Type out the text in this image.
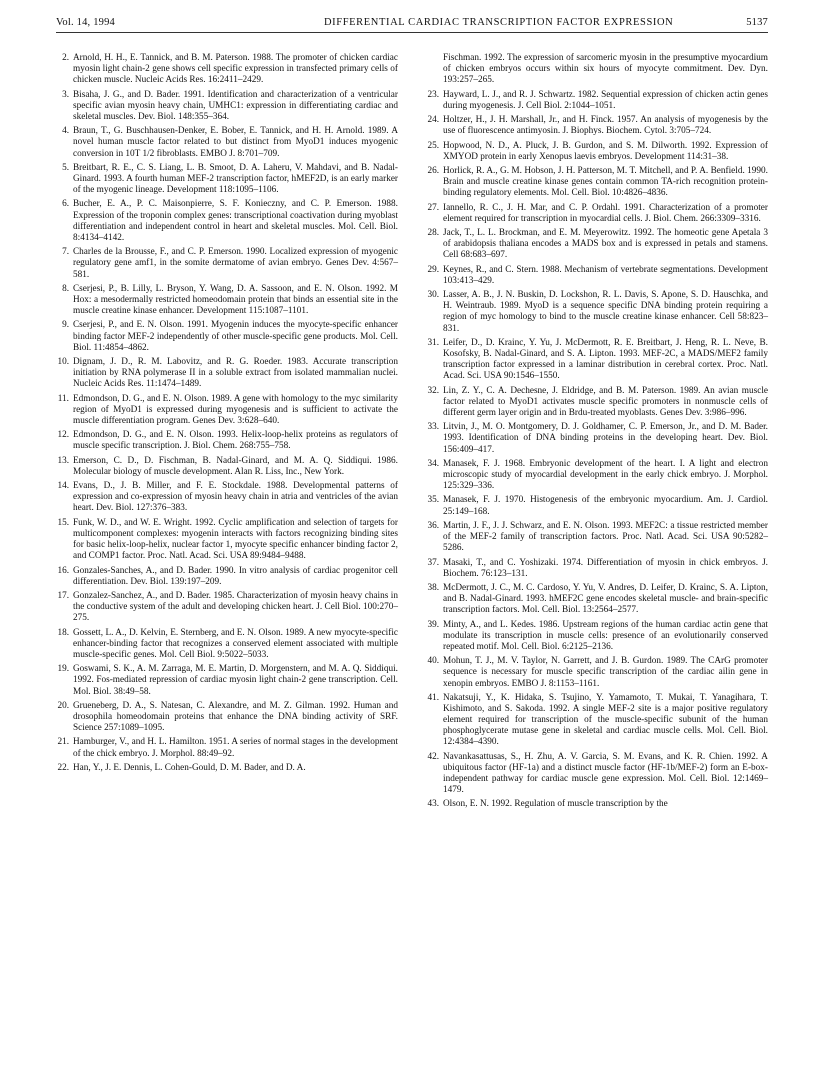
Vol. 14, 1994	DIFFERENTIAL CARDIAC TRANSCRIPTION FACTOR EXPRESSION	5137
2. Arnold, H. H., E. Tannick, and B. M. Paterson. 1988. The promoter of chicken cardiac myosin light chain-2 gene shows cell specific expression in transfected primary cells of chicken muscle. Nucleic Acids Res. 16:2411–2429.
3. Bisaha, J. G., and D. Bader. 1991. Identification and characterization of a ventricular specific avian myosin heavy chain, UMHC1: expression in differentiating cardiac and skeletal muscles. Dev. Biol. 148:355–364.
4. Braun, T., G. Buschhausen-Denker, E. Bober, E. Tannick, and H. H. Arnold. 1989. A novel human muscle factor related to but distinct from MyoD1 induces myogenic conversion in 10T 1/2 fibroblasts. EMBO J. 8:701–709.
5. Breitbart, R. E., C. S. Liang, L. B. Smoot, D. A. Laheru, V. Mahdavi, and B. Nadal-Ginard. 1993. A fourth human MEF-2 transcription factor, hMEF2D, is an early marker of the myogenic lineage. Development 118:1095–1106.
6. Bucher, E. A., P. C. Maisonpierre, S. F. Konieczny, and C. P. Emerson. 1988. Expression of the troponin complex genes: transcriptional coactivation during myoblast differentiation and independent control in heart and skeletal muscles. Mol. Cell. Biol. 8:4134–4142.
7. Charles de la Brousse, F., and C. P. Emerson. 1990. Localized expression of myogenic regulatory gene amf1, in the somite dermatome of avian embryo. Genes Dev. 4:567–581.
8. Cserjesi, P., B. Lilly, L. Bryson, Y. Wang, D. A. Sassoon, and E. N. Olson. 1992. M Hox: a mesodermally restricted homeodomain protein that binds an essential site in the muscle creatine kinase enhancer. Development 115:1087–1101.
9. Cserjesi, P., and E. N. Olson. 1991. Myogenin induces the myocyte-specific enhancer binding factor MEF-2 independently of other muscle-specific gene products. Mol. Cell. Biol. 11:4854–4862.
10. Dignam, J. D., R. M. Labovitz, and R. G. Roeder. 1983. Accurate transcription initiation by RNA polymerase II in a soluble extract from isolated mammalian nuclei. Nucleic Acids Res. 11:1474–1489.
11. Edmondson, D. G., and E. N. Olson. 1989. A gene with homology to the myc similarity region of MyoD1 is expressed during myogenesis and is sufficient to activate the muscle differentiation program. Genes Dev. 3:628–640.
12. Edmondson, D. G., and E. N. Olson. 1993. Helix-loop-helix proteins as regulators of muscle specific transcription. J. Biol. Chem. 268:755–758.
13. Emerson, C. D., D. Fischman, B. Nadal-Ginard, and M. A. Q. Siddiqui. 1986. Molecular biology of muscle development. Alan R. Liss, Inc., New York.
14. Evans, D., J. B. Miller, and F. E. Stockdale. 1988. Developmental patterns of expression and co-expression of myosin heavy chain in atria and ventricles of the avian heart. Dev. Biol. 127:376–383.
15. Funk, W. D., and W. E. Wright. 1992. Cyclic amplification and selection of targets for multicomponent complexes: myogenin interacts with factors recognizing binding sites for basic helix-loop-helix, nuclear factor 1, myocyte specific enhancer binding factor 2, and COMP1 factor. Proc. Natl. Acad. Sci. USA 89:9484–9488.
16. Gonzales-Sanches, A., and D. Bader. 1990. In vitro analysis of cardiac progenitor cell differentiation. Dev. Biol. 139:197–209.
17. Gonzalez-Sanchez, A., and D. Bader. 1985. Characterization of myosin heavy chains in the conductive system of the adult and developing chicken heart. J. Cell Biol. 100:270–275.
18. Gossett, L. A., D. Kelvin, E. Sternberg, and E. N. Olson. 1989. A new myocyte-specific enhancer-binding factor that recognizes a conserved element associated with multiple muscle-specific genes. Mol. Cell Biol. 9:5022–5033.
19. Goswami, S. K., A. M. Zarraga, M. E. Martin, D. Morgenstern, and M. A. Q. Siddiqui. 1992. Fos-mediated repression of cardiac myosin light chain-2 gene transcription. Cell. Mol. Biol. 38:49–58.
20. Grueneberg, D. A., S. Natesan, C. Alexandre, and M. Z. Gilman. 1992. Human and drosophila homeodomain proteins that enhance the DNA binding activity of SRF. Science 257:1089–1095.
21. Hamburger, V., and H. L. Hamilton. 1951. A series of normal stages in the development of the chick embryo. J. Morphol. 88:49–92.
22. Han, Y., J. E. Dennis, L. Cohen-Gould, D. M. Bader, and D. A.
Fischman. 1992. The expression of sarcomeric myosin in the presumptive myocardium of chicken embryos occurs within six hours of myocyte commitment. Dev. Dyn. 193:257–265.
23. Hayward, L. J., and R. J. Schwartz. 1982. Sequential expression of chicken actin genes during myogenesis. J. Cell Biol. 2:1044–1051.
24. Holtzer, H., J. H. Marshall, Jr., and H. Finck. 1957. An analysis of myogenesis by the use of fluorescence antimyosin. J. Biophys. Biochem. Cytol. 3:705–724.
25. Hopwood, N. D., A. Pluck, J. B. Gurdon, and S. M. Dilworth. 1992. Expression of XMYOD protein in early Xenopus laevis embryos. Development 114:31–38.
26. Horlick, R. A., G. M. Hobson, J. H. Patterson, M. T. Mitchell, and P. A. Benfield. 1990. Brain and muscle creatine kinase genes contain common TA-rich recognition protein-binding regulatory elements. Mol. Cell. Biol. 10:4826–4836.
27. Iannello, R. C., J. H. Mar, and C. P. Ordahl. 1991. Characterization of a promoter element required for transcription in myocardial cells. J. Biol. Chem. 266:3309–3316.
28. Jack, T., L. L. Brockman, and E. M. Meyerowitz. 1992. The homeotic gene Apetala 3 of arabidopsis thaliana encodes a MADS box and is expressed in petals and stamens. Cell 68:683–697.
29. Keynes, R., and C. Stern. 1988. Mechanism of vertebrate segmentations. Development 103:413–429.
30. Lasser, A. B., J. N. Buskin, D. Lockshon, R. L. Davis, S. Apone, S. D. Hauschka, and H. Weintraub. 1989. MyoD is a sequence specific DNA binding protein requiring a region of myc homology to bind to the muscle creatine kinase enhancer. Cell 58:823–831.
31. Leifer, D., D. Krainc, Y. Yu, J. McDermott, R. E. Breitbart, J. Heng, R. L. Neve, B. Kosofsky, B. Nadal-Ginard, and S. A. Lipton. 1993. MEF-2C, a MADS/MEF2 family transcription factor expressed in a laminar distribution in cerebral cortex. Proc. Natl. Acad. Sci. USA 90:1546–1550.
32. Lin, Z. Y., C. A. Dechesne, J. Eldridge, and B. M. Paterson. 1989. An avian muscle factor related to MyoD1 activates muscle specific promoters in nonmuscle cells of different germ layer origin and in Brdu-treated myoblasts. Genes Dev. 3:986–996.
33. Litvin, J., M. O. Montgomery, D. J. Goldhamer, C. P. Emerson, Jr., and D. M. Bader. 1993. Identification of DNA binding proteins in the developing heart. Dev. Biol. 156:409–417.
34. Manasek, F. J. 1968. Embryonic development of the heart. I. A light and electron microscopic study of myocardial development in the early chick embryo. J. Morphol. 125:329–336.
35. Manasek, F. J. 1970. Histogenesis of the embryonic myocardium. Am. J. Cardiol. 25:149–168.
36. Martin, J. F., J. J. Schwarz, and E. N. Olson. 1993. MEF2C: a tissue restricted member of the MEF-2 family of transcription factors. Proc. Natl. Acad. Sci. USA 90:5282–5286.
37. Masaki, T., and C. Yoshizaki. 1974. Differentiation of myosin in chick embryos. J. Biochem. 76:123–131.
38. McDermott, J. C., M. C. Cardoso, Y. Yu, V. Andres, D. Leifer, D. Krainc, S. A. Lipton, and B. Nadal-Ginard. 1993. hMEF2C gene encodes skeletal muscle- and brain-specific transcription factors. Mol. Cell. Biol. 13:2564–2577.
39. Minty, A., and L. Kedes. 1986. Upstream regions of the human cardiac actin gene that modulate its transcription in muscle cells: presence of an evolutionarily conserved repeated motif. Mol. Cell. Biol. 6:2125–2136.
40. Mohun, T. J., M. V. Taylor, N. Garrett, and J. B. Gurdon. 1989. The CArG promoter sequence is necessary for muscle specific transcription of the cardiac ailin gene in xenopin embryos. EMBO J. 8:1153–1161.
41. Nakatsuji, Y., K. Hidaka, S. Tsujino, Y. Yamamoto, T. Mukai, T. Yanagihara, T. Kishimoto, and S. Sakoda. 1992. A single MEF-2 site is a major positive regulatory element required for transcription of the muscle-specific subunit of the human phosphoglycerate mutase gene in skeletal and cardiac muscle cells. Mol. Cell. Biol. 12:4384–4390.
42. Navankasattusas, S., H. Zhu, A. V. Garcia, S. M. Evans, and K. R. Chien. 1992. A ubiquitous factor (HF-1a) and a distinct muscle factor (HF-1b/MEF-2) form an E-box-independent pathway for cardiac muscle gene expression. Mol. Cell. Biol. 12:1469–1479.
43. Olson, E. N. 1992. Regulation of muscle transcription by the
